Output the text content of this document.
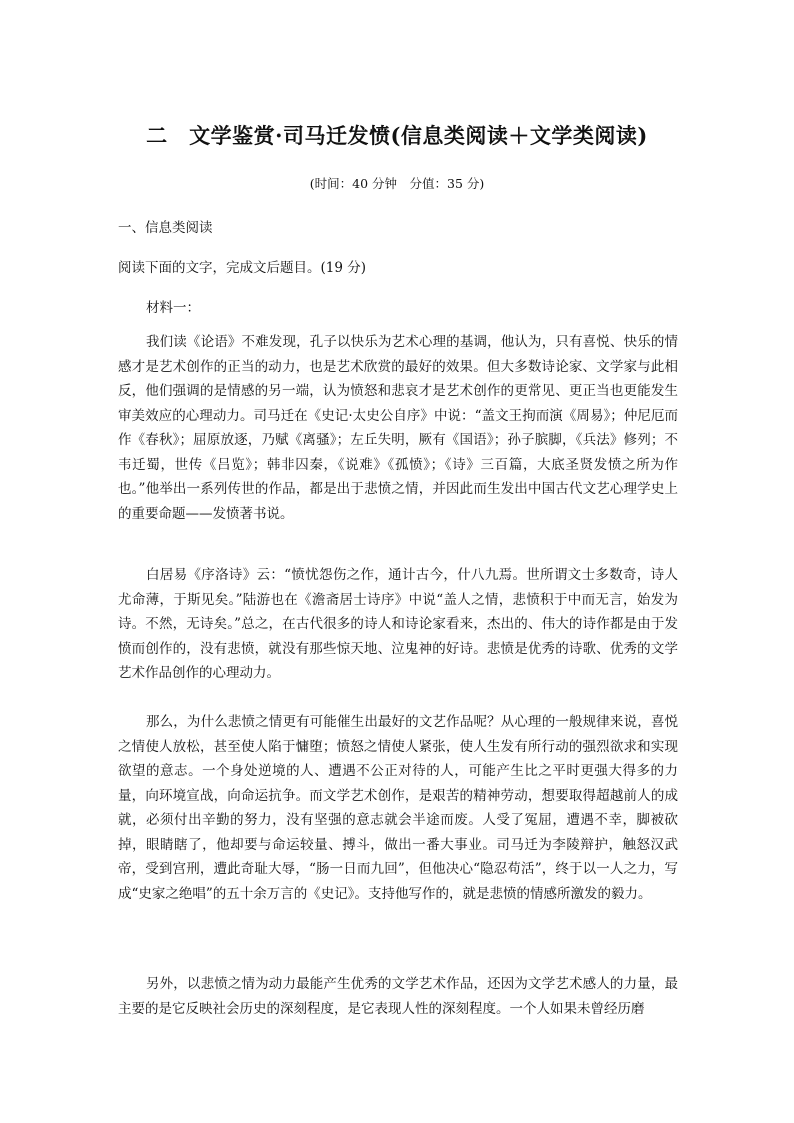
二　文学鉴赏·司马迁发愤(信息类阅读＋文学类阅读)
(时间：40 分钟　分值：35 分)
一、信息类阅读
阅读下面的文字，完成文后题目。(19 分)
材料一：

我们读《论语》不难发现，孔子以快乐为艺术心理的基调，他认为，只有喜悦、快乐的情感才是艺术创作的正当的动力，也是艺术欣赏的最好的效果。但大多数诗论家、文学家与此相反，他们强调的是情感的另一端，认为愤怒和悲哀才是艺术创作的更常见、更正当也更能发生审美效应的心理动力。司马迁在《史记·太史公自序》中说：“盖文王拘而演《周易》；仲尼厄而作《春秋》；屈原放逐，乃赋《离骚》；左丘失明，厥有《国语》；孙子膑脚，《兵法》修列；不韦迁蜀，世传《吕览》；韩非囚秦，《说难》《孤愤》；《诗》三百篇，大底圣贤发愤之所为作也。”他举出一系列传世的作品，都是出于悲愤之情，并因此而生发出中国古代文艺心理学史上的重要命题——发愤著书说。

白居易《序洛诗》云：“愤忧怨伤之作，通计古今，什八九焉。世所谓文士多数奇，诗人尤命薄，于斯见矣。”陆游也在《澹斋居士诗序》中说“盖人之情，悲愤积于中而无言，始发为诗。不然，无诗矣。”总之，在古代很多的诗人和诗论家看来，杰出的、伟大的诗作都是由于发愤而创作的，没有悲愤，就没有那些惊天地、泣鬼神的好诗。悲愤是优秀的诗歌、优秀的文学艺术作品创作的心理动力。

那么，为什么悲愤之情更有可能催生出最好的文艺作品呢？从心理的一般规律来说，喜悦之情使人放松，甚至使人陷于慵堕；愤怒之情使人紧张，使人生发有所行动的强烈欲求和实现欲望的意志。一个身处逆境的人、遭遇不公正对待的人，可能产生比之平时更强大得多的力量，向环境宣战，向命运抗争。而文学艺术创作，是艰苦的精神劳动，想要取得超越前人的成就，必须付出辛勤的努力，没有坚强的意志就会半途而废。人受了冤屈，遭遇不幸，脚被砍掉，眼睛瞎了，他却要与命运较量、搏斗，做出一番大事业。司马迁为李陵辩护，触怒汉武帝，受到宫刑，遭此奇耻大辱，“肠一日而九回”，但他决心“隐忍苟活”，终于以一人之力，写成“史家之绝唱”的五十余万言的《史记》。支持他写作的，就是悲愤的情感所激发的毅力。

另外，以悲愤之情为动力最能产生优秀的文学艺术作品，还因为文学艺术感人的力量，最主要的是它反映社会历史的深刻程度，是它表现人性的深刻程度。一个人如果未曾经历磨
